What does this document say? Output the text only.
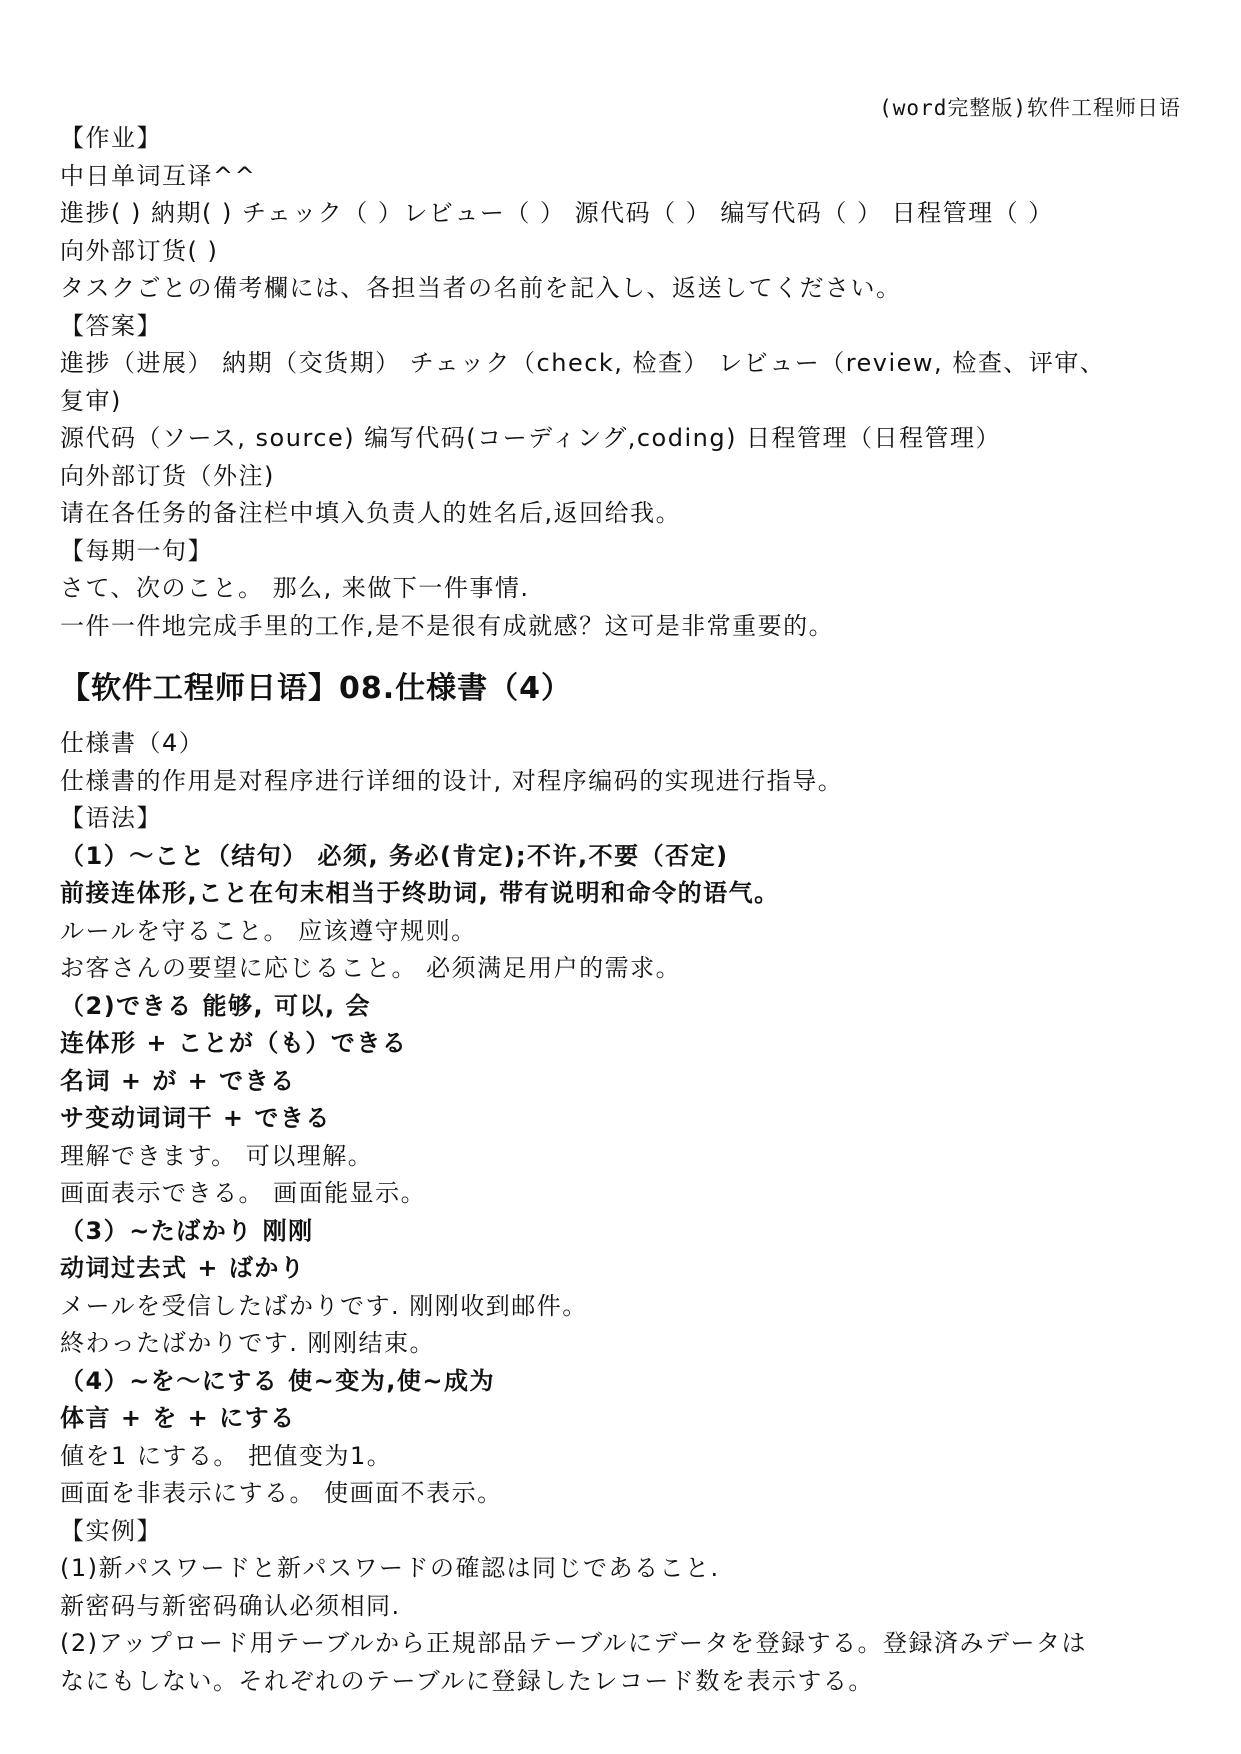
(word完整版)软件工程师日语
【作业】
中日单词互译^^
進捗( ) 納期( ) チェック（ ）レビュー（ ） 源代码（ ） 编写代码（ ） 日程管理（ ）
向外部订货( )
タスクごとの備考欄には、各担当者の名前を記入し、返送してください。
【答案】
進捗（进展） 納期（交货期） チェック（check, 检查） レビュー（review, 检查、评审、
复审)
源代码（ソース, source) 编写代码(コーディング,coding) 日程管理（日程管理）
向外部订货（外注)
请在各任务的备注栏中填入负责人的姓名后,返回给我。
【每期一句】
さて、次のこと。 那么, 来做下一件事情.
一件一件地完成手里的工作,是不是很有成就感？这可是非常重要的。
【软件工程师日语】08.仕様書（4）
仕様書（4）
仕様書的作用是对程序进行详细的设计, 对程序编码的实现进行指导。
【语法】
（1）～こと（结句） 必须, 务必(肯定);不许,不要（否定)
前接连体形,こと在句末相当于终助词, 带有说明和命令的语气。
ルールを守ること。 应该遵守规则。
お客さんの要望に応じること。 必须满足用户的需求。
（2)できる 能够, 可以, 会
连体形 + ことが（も）できる
名词 + が + できる
サ变动词词干 + できる
理解できます。 可以理解。
画面表示できる。 画面能显示。
（3）~たばかり 刚刚
动词过去式 + ばかり
メールを受信したばかりです. 刚刚收到邮件。
終わったばかりです. 刚刚结束。
（4）~を～にする 使~变为,使~成为
体言 + を + にする
値を1 にする。 把值变为1。
画面を非表示にする。 使画面不表示。
【实例】
(1)新パスワードと新パスワードの確認は同じであること.
新密码与新密码确认必须相同.
(2)アップロード用テーブルから正規部品テーブルにデータを登録する。登録済みデータは
なにもしない。それぞれのテーブルに登録したレコード数を表示する。
